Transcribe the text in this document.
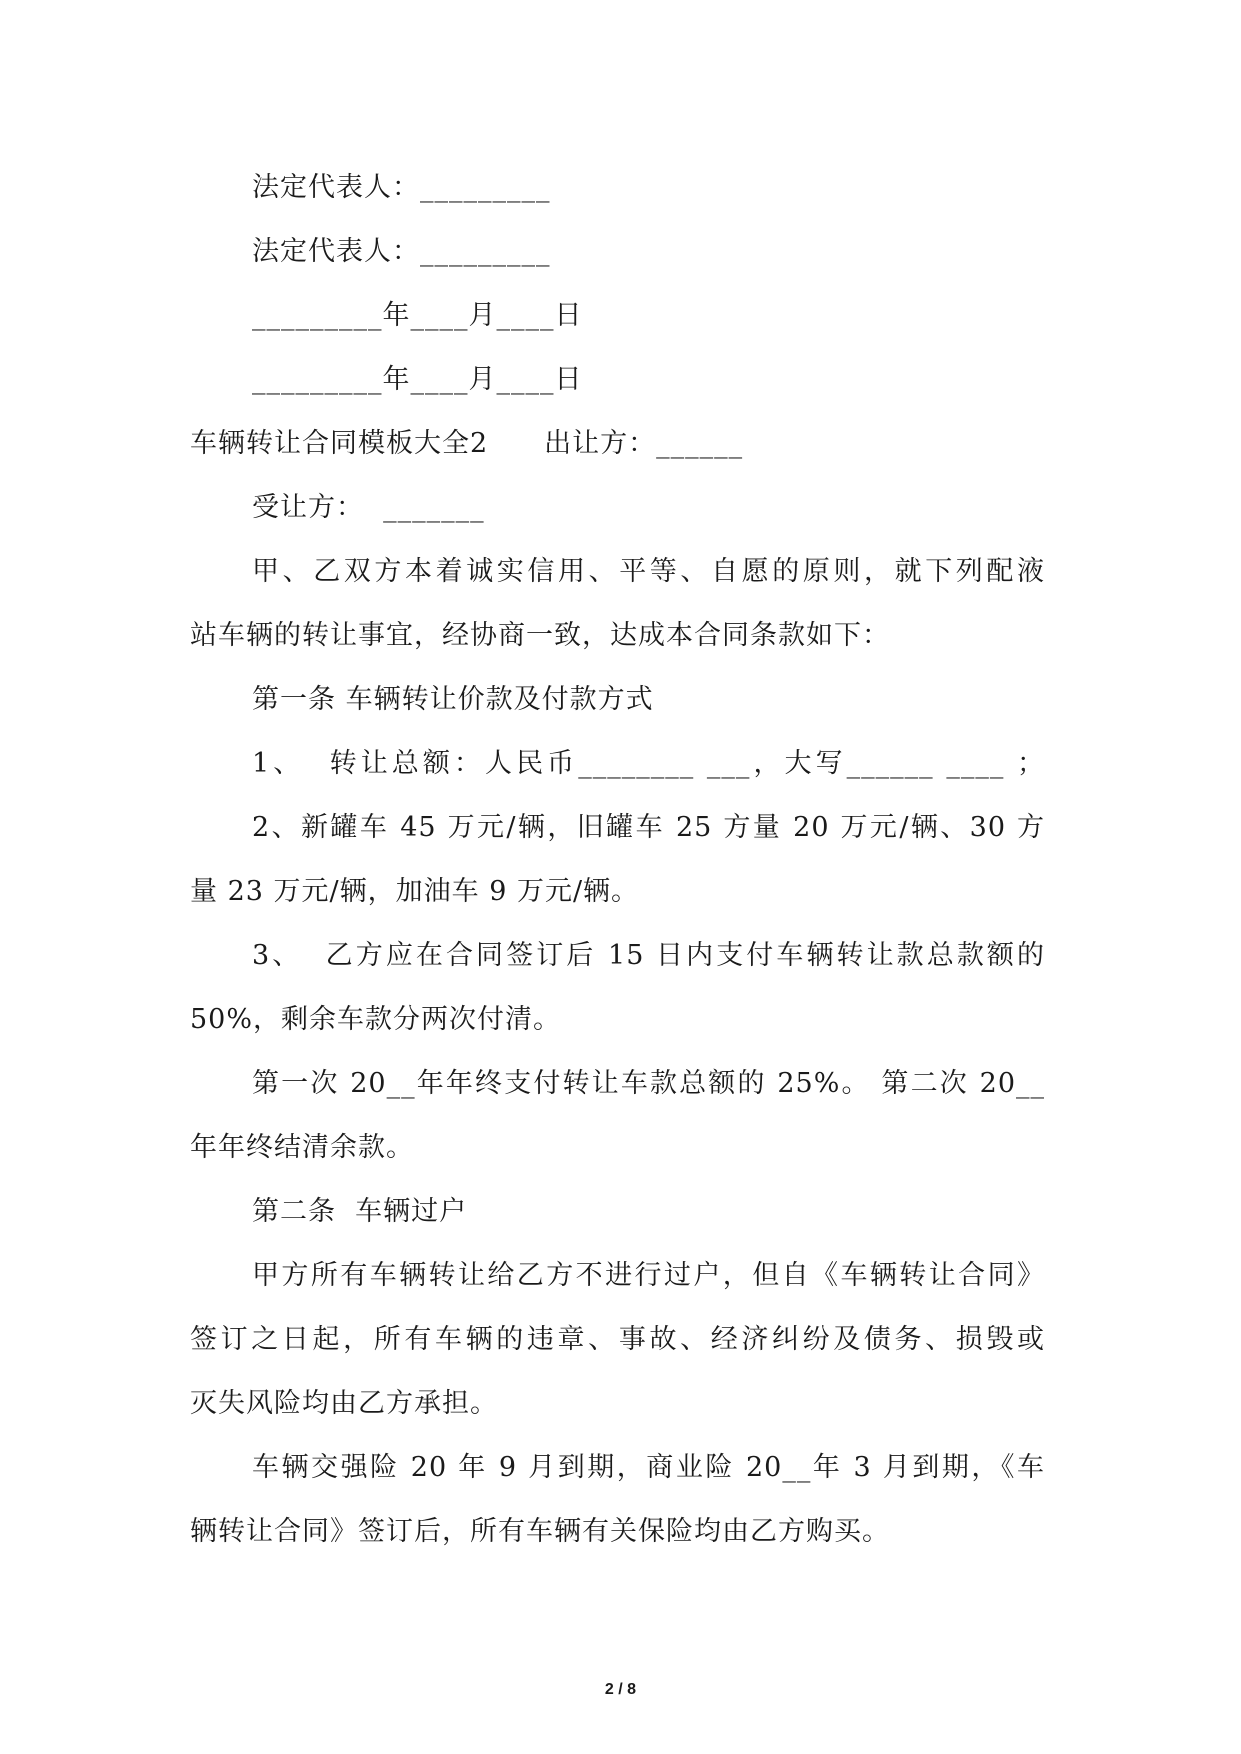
法定代表人：_________
法定代表人：_________
_________年____月____日
_________年____月____日
车辆转让合同模板大全2　　出让方：______
受让方：  _______
甲、乙双方本着诚实信用、平等、自愿的原则，就下列配液
站车辆的转让事宜，经协商一致，达成本合同条款如下：
第一条 车辆转让价款及付款方式
1、  转让总额：人民币________ ___，大写______ ____ ；
2、新罐车 45 万元/辆，旧罐车 25 方量 20 万元/辆、30 方
量 23 万元/辆，加油车 9 万元/辆。
3、  乙方应在合同签订后 15 日内支付车辆转让款总款额的
50%，剩余车款分两次付清。
第一次 20__年年终支付转让车款总额的 25%。 第二次 20__
年年终结清余款。
第二条  车辆过户
甲方所有车辆转让给乙方不进行过户，但自《车辆转让合同》
签订之日起，所有车辆的违章、事故、经济纠纷及债务、损毁或
灭失风险均由乙方承担。
车辆交强险 20 年 9 月到期，商业险 20__年 3 月到期，《车
辆转让合同》签订后，所有车辆有关保险均由乙方购买。
2 / 8
